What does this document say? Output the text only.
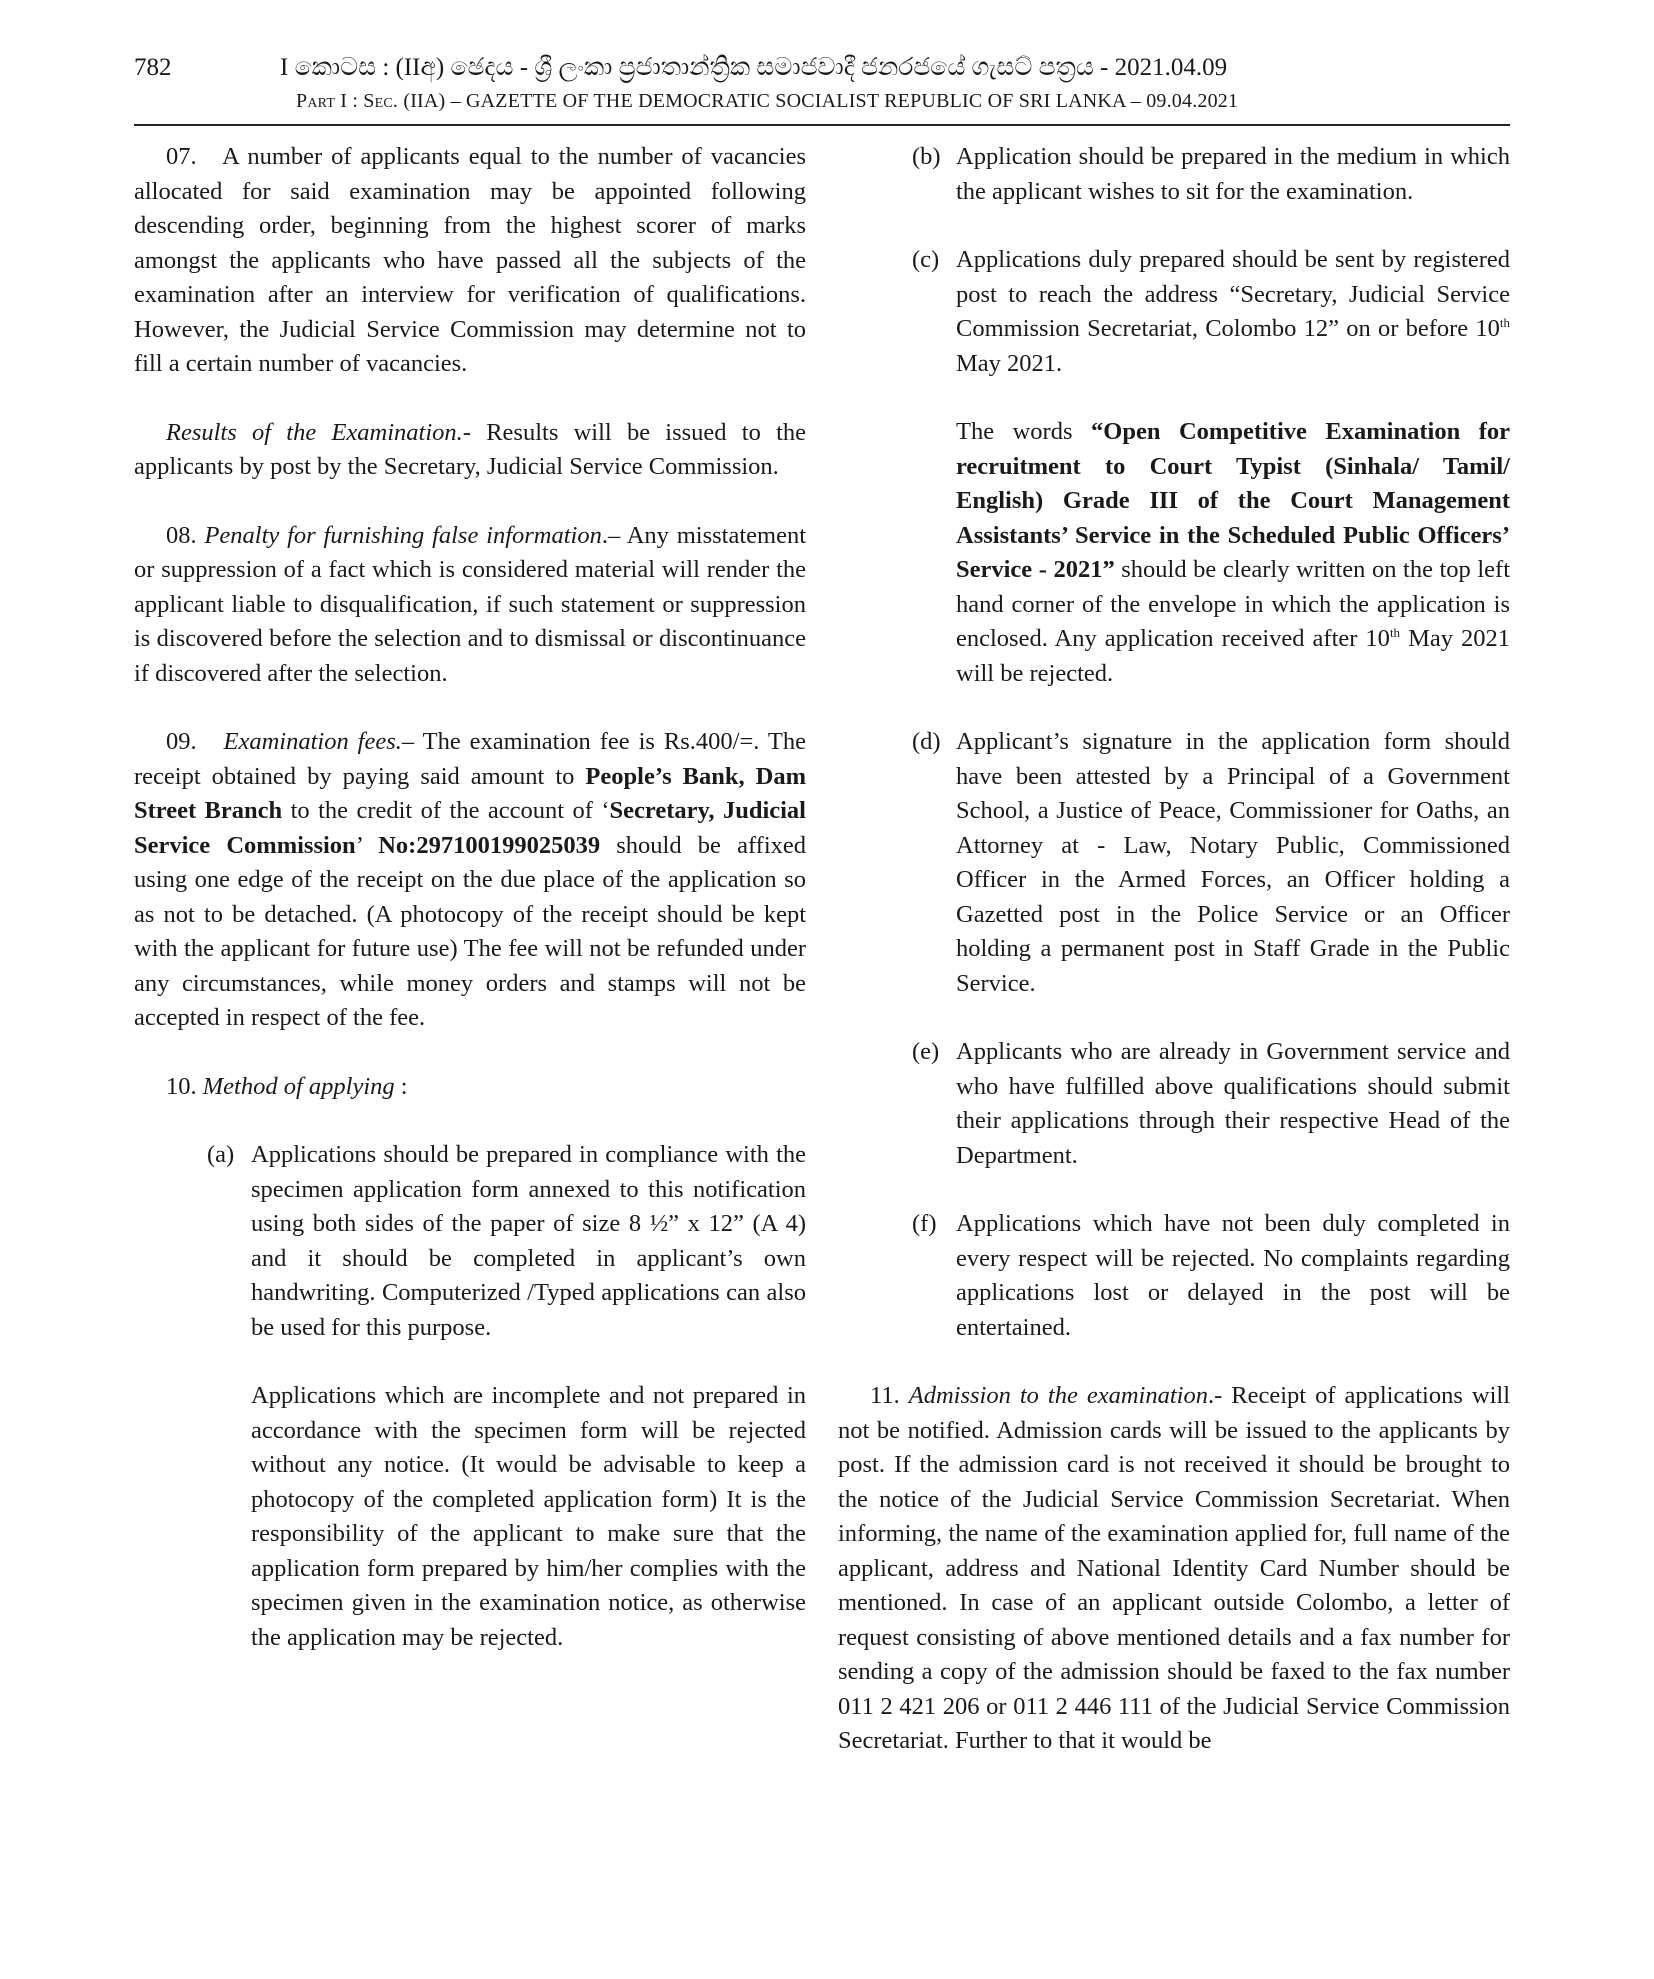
782	I කොටස : (IIඅ) ඡෙදය - ශ්‍රී ලංකා ප්‍රජාතාන්ත්‍රික සමාජවාදී ජනරජයේ ගැසට් පත්‍රය - 2021.04.09
Part I : Sec. (IIA) – GAZETTE OF THE DEMOCRATIC SOCIALIST REPUBLIC OF SRI LANKA – 09.04.2021

07.   A number of applicants equal to the number of vacancies allocated for said examination may be appointed following descending order, beginning from the highest scorer of marks amongst the applicants who have passed all the subjects of the examination after an interview for verification of qualifications. However, the Judicial Service Commission may determine not to fill a certain number of vacancies.

Results of the Examination.- Results will be issued to the applicants by post by the Secretary, Judicial Service Commission.

08. Penalty for furnishing false information.– Any misstatement or suppression of a fact which is considered material will render the applicant liable to disqualification, if such statement or suppression is discovered before the selection and to dismissal or discontinuance if discovered after the selection.

09.   Examination fees.– The examination fee is Rs.400/=. The receipt obtained by paying said amount to People’s Bank, Dam Street Branch to the credit of the account of ‘Secretary, Judicial Service Commission’ No:297100199025039 should be affixed using one edge of the receipt on the due place of the application so as not to be detached. (A photocopy of the receipt should be kept with the applicant for future use) The fee will not be refunded under any circumstances, while money orders and stamps will not be accepted in respect of the fee.

10. Method of applying :

(a) Applications should be prepared in compliance with the specimen application form annexed to this notification using both sides of the paper of size 8 ½” x 12” (A 4) and it should be completed in applicant’s own handwriting. Computerized /Typed applications can also be used for this purpose.

Applications which are incomplete and not prepared in accordance with the specimen form will be rejected without any notice. (It would be advisable to keep a photocopy of the completed application form) It is the responsibility of the applicant to make sure that the application form prepared by him/her complies with the specimen given in the examination notice, as otherwise the application may be rejected.

(b) Application should be prepared in the medium in which the applicant wishes to sit for the examination.
(c) Applications duly prepared should be sent by registered post to reach the address “Secretary, Judicial Service Commission Secretariat, Colombo 12” on or before 10th May 2021.

The words “Open Competitive Examination for recruitment to Court Typist (Sinhala/ Tamil/ English) Grade III of the Court Management Assistants’ Service in the Scheduled Public Officers’ Service - 2021” should be clearly written on the top left hand corner of the envelope in which the application is enclosed. Any application received after 10th May 2021 will be rejected.

(d) Applicant’s signature in the application form should have been attested by a Principal of a Government School, a Justice of Peace, Commissioner for Oaths, an Attorney at - Law, Notary Public, Commissioned Officer in the Armed Forces, an Officer holding a Gazetted post in the Police Service or an Officer holding a permanent post in Staff Grade in the Public Service.
(e) Applicants who are already in Government service and who have fulfilled above qualifications should submit their applications through their respective Head of the Department.
(f) Applications which have not been duly completed in every respect will be rejected. No complaints regarding applications lost or delayed in the post will be entertained.

11. Admission to the examination.- Receipt of applications will not be notified. Admission cards will be issued to the applicants by post. If the admission card is not received it should be brought to the notice of the Judicial Service Commission Secretariat. When informing, the name of the examination applied for, full name of the applicant, address and National Identity Card Number should be mentioned. In case of an applicant outside Colombo, a letter of request consisting of above mentioned details and a fax number for sending a copy of the admission should be faxed to the fax number 011 2 421 206 or 011 2 446 111 of the Judicial Service Commission Secretariat. Further to that it would be
